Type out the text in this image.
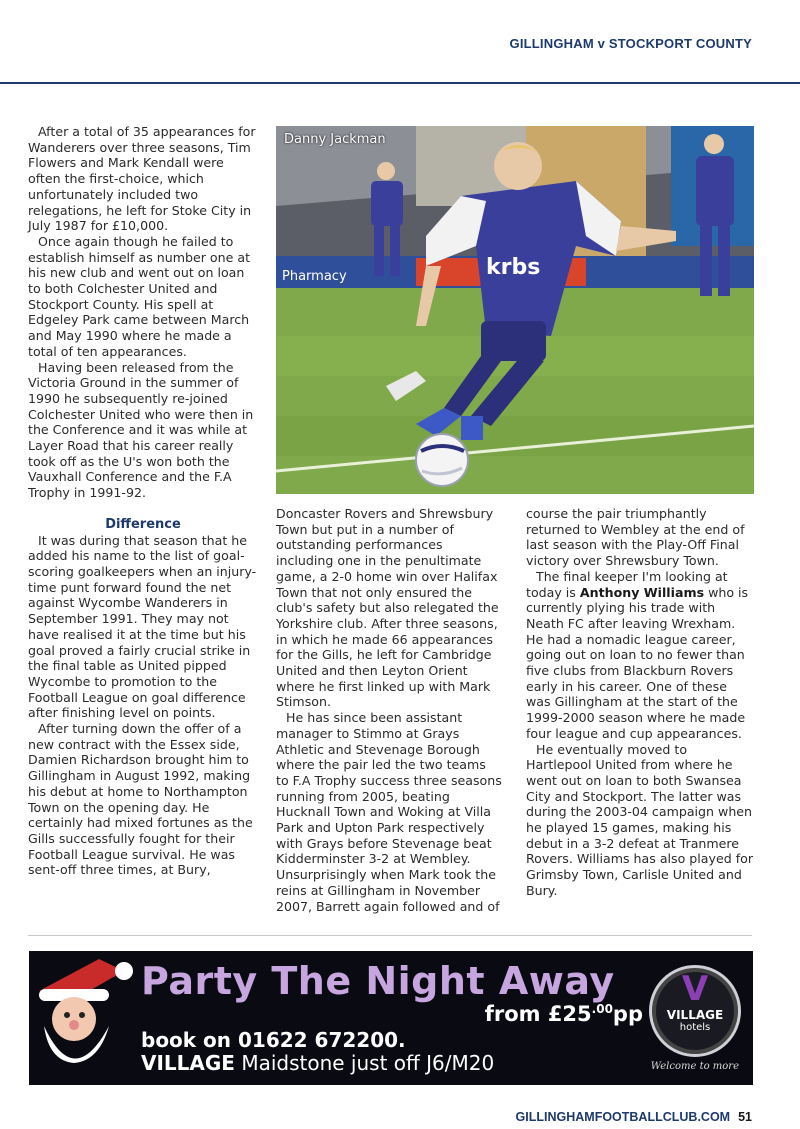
GILLINGHAM v STOCKPORT COUNTY

After a total of 35 appearances for Wanderers over three seasons, Tim Flowers and Mark Kendall were often the first-choice, which unfortunately included two relegations, he left for Stoke City in July 1987 for £10,000.

Once again though he failed to establish himself as number one at his new club and went out on loan to both Colchester United and Stockport County. His spell at Edgeley Park came between March and May 1990 where he made a total of ten appearances.

Having been released from the Victoria Ground in the summer of 1990 he subsequently re-joined Colchester United who were then in the Conference and it was while at Layer Road that his career really took off as the U's won both the Vauxhall Conference and the F.A Trophy in 1991-92.

Difference

It was during that season that he added his name to the list of goal-scoring goalkeepers when an injury-time punt forward found the net against Wycombe Wanderers in September 1991. They may not have realised it at the time but his goal proved a fairly crucial strike in the final table as United pipped Wycombe to promotion to the Football League on goal difference after finishing level on points.

After turning down the offer of a new contract with the Essex side, Damien Richardson brought him to Gillingham in August 1992, making his debut at home to Northampton Town on the opening day. He certainly had mixed fortunes as the Gills successfully fought for their Football League survival. He was sent-off three times, at Bury,

Pharmacy	krbs
Danny Jackman

Doncaster Rovers and Shrewsbury Town but put in a number of outstanding performances including one in the penultimate game, a 2-0 home win over Halifax Town that not only ensured the club's safety but also relegated the Yorkshire club. After three seasons, in which he made 66 appearances for the Gills, he left for Cambridge United and then Leyton Orient where he first linked up with Mark Stimson.

He has since been assistant manager to Stimmo at Grays Athletic and Stevenage Borough where the pair led the two teams to F.A Trophy success three seasons running from 2005, beating Hucknall Town and Woking at Villa Park and Upton Park respectively with Grays before Stevenage beat Kidderminster 3-2 at Wembley. Unsurprisingly when Mark took the reins at Gillingham in November 2007, Barrett again followed and of

course the pair triumphantly returned to Wembley at the end of last season with the Play-Off Final victory over Shrewsbury Town.

The final keeper I'm looking at today is Anthony Williams who is currently plying his trade with Neath FC after leaving Wrexham. He had a nomadic league career, going out on loan to no fewer than five clubs from Blackburn Rovers early in his career. One of these was Gillingham at the start of the 1999-2000 season where he made four league and cup appearances.

He eventually moved to Hartlepool United from where he went out on loan to both Swansea City and Stockport. The latter was during the 2003-04 campaign when he played 15 games, making his debut in a 3-2 defeat at Tranmere Rovers. Williams has also played for Grimsby Town, Carlisle United and Bury.

Party The Night Away
from $£25^{.00}pp$
book on 01622 672200.
VILLAGE Maidstone just off J6/M20
V
VILLAGE
hotels
Welcome to more
GILLINGHAMFOOTBALLCLUB.COM 51
